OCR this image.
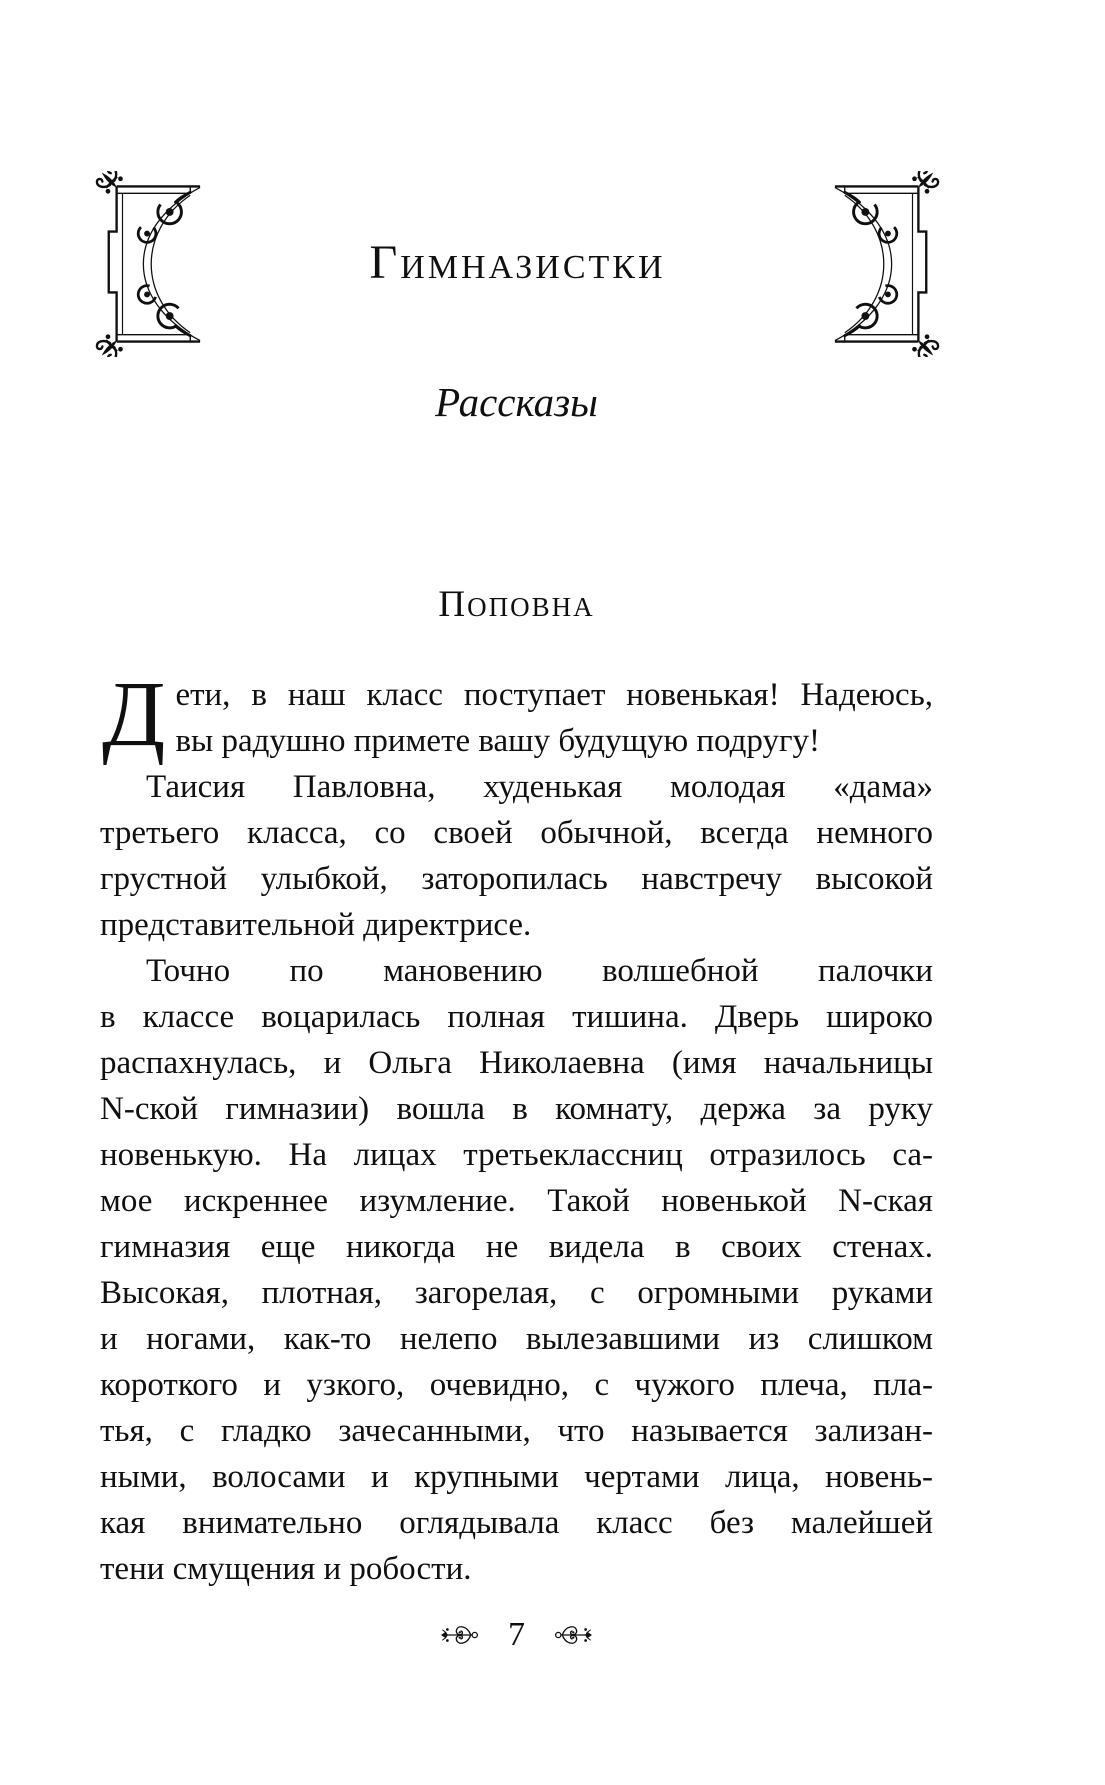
ГИМНАЗИСТКИ
Рассказы
ПОПОВНА
Д ети, в наш класс поступает новенькая! Надеюсь,
вы радушно примете вашу будущую подругу!
Таисия Павловна, худенькая молодая «дама»
третьего класса, со своей обычной, всегда немного
грустной улыбкой, заторопилась навстречу высокой
представительной директрисе.
Точно по мановению волшебной палочки
в классе воцарилась полная тишина. Дверь широко
распахнулась, и Ольга Николаевна (имя начальницы
N-ской гимназии) вошла в комнату, держа за руку
новенькую. На лицах третьеклассниц отразилось са-
мое искреннее изумление. Такой новенькой N-ская
гимназия еще никогда не видела в своих стенах.
Высокая, плотная, загорелая, с огромными руками
и ногами, как-то нелепо вылезавшими из слишком
короткого и узкого, очевидно, с чужого плеча, пла-
тья, с гладко зачесанными, что называется зализан-
ными, волосами и крупными чертами лица, новень-
кая внимательно оглядывала класс без малейшей
тени смущения и робости.
7
